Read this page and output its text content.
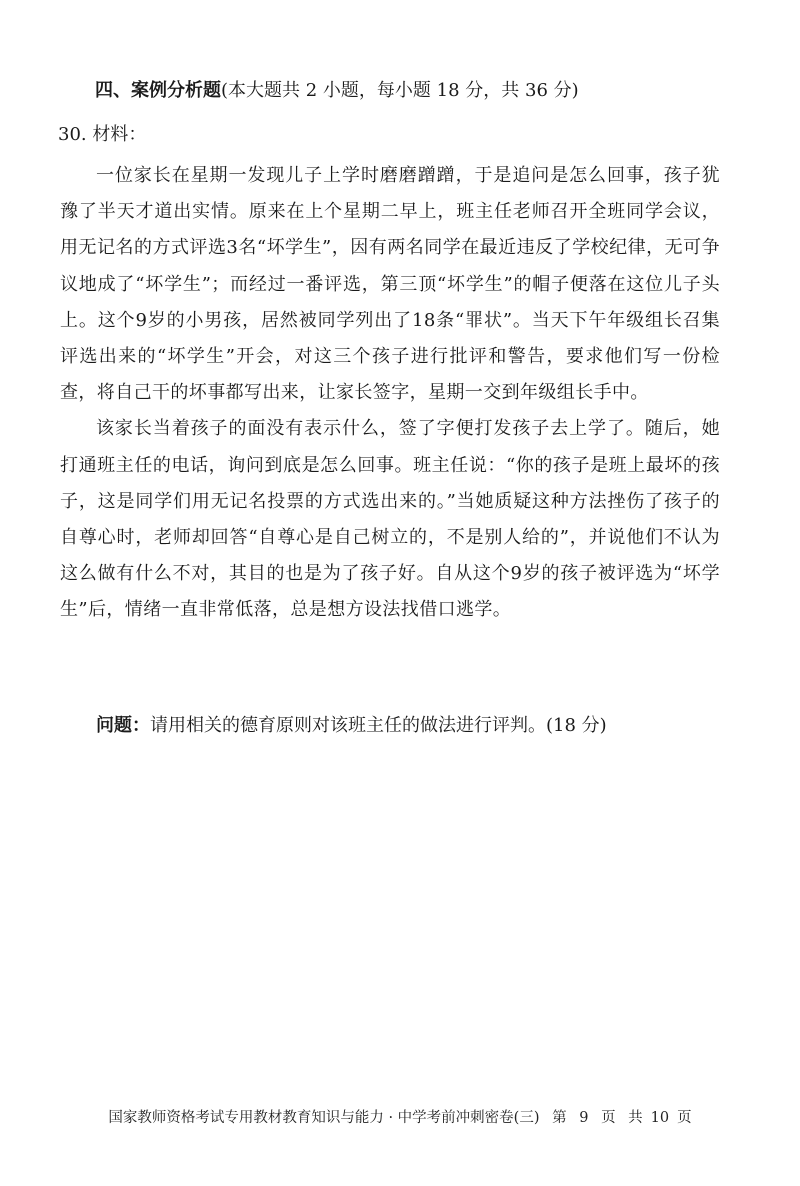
四、案例分析题(本大题共 2 小题，每小题 18 分，共 36 分)
30. 材料：

一位家长在星期一发现儿子上学时磨磨蹭蹭，于是追问是怎么回事，孩子犹豫了半天才道出实情。原来在上个星期二早上，班主任老师召开全班同学会议，用无记名的方式评选3名“坏学生”，因有两名同学在最近违反了学校纪律，无可争议地成了“坏学生”；而经过一番评选，第三顶“坏学生”的帽子便落在这位儿子头上。这个9岁的小男孩，居然被同学列出了18条“罪状”。当天下午年级组长召集评选出来的“坏学生”开会，对这三个孩子进行批评和警告，要求他们写一份检查，将自己干的坏事都写出来，让家长签字，星期一交到年级组长手中。

该家长当着孩子的面没有表示什么，签了字便打发孩子去上学了。随后，她打通班主任的电话，询问到底是怎么回事。班主任说：“你的孩子是班上最坏的孩子，这是同学们用无记名投票的方式选出来的。”当她质疑这种方法挫伤了孩子的自尊心时，老师却回答“自尊心是自己树立的，不是别人给的”，并说他们不认为这么做有什么不对，其目的也是为了孩子好。自从这个9岁的孩子被评选为“坏学生”后，情绪一直非常低落，总是想方设法找借口逃学。

问题：请用相关的德育原则对该班主任的做法进行评判。(18 分)
国家教师资格考试专用教材教育知识与能力 · 中学考前冲刺密卷(三) 第 9 页 共 10 页
